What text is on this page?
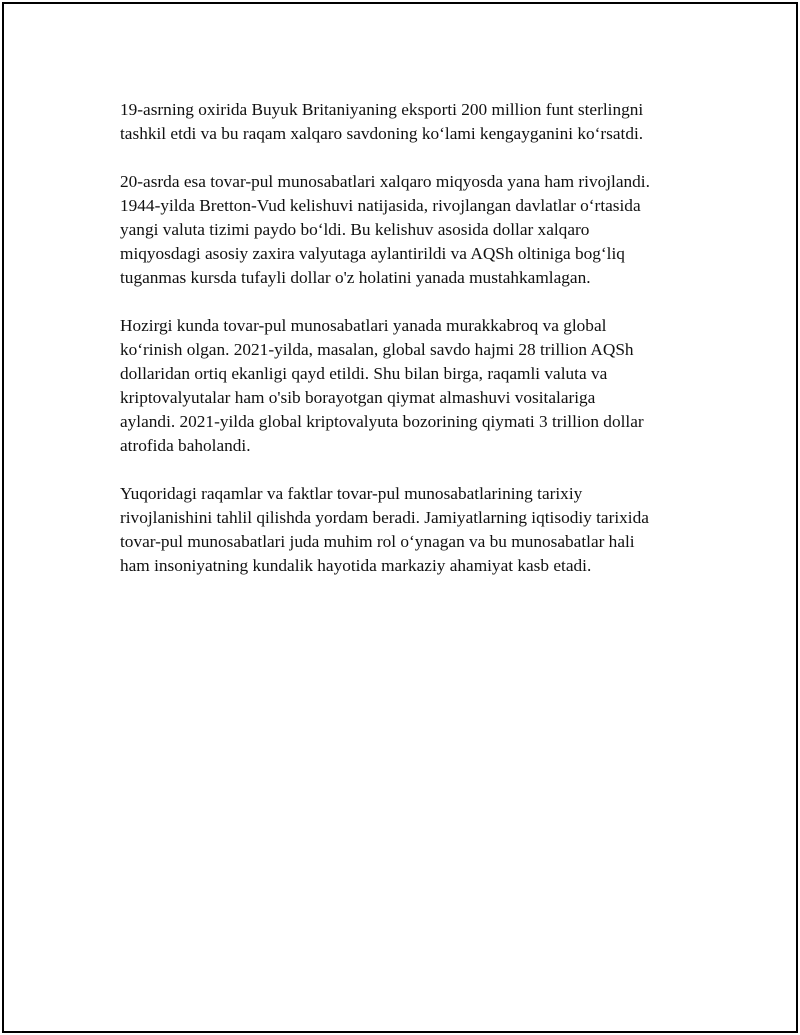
19-asrning oxirida Buyuk Britaniyaning eksporti 200 million funt sterlingni
tashkil etdi va bu raqam xalqaro savdoning ko‘lami kengayganini ko‘rsatdi.

20-asrda esa tovar-pul munosabatlari xalqaro miqyosda yana ham rivojlandi.
1944-yilda Bretton-Vud kelishuvi natijasida, rivojlangan davlatlar o‘rtasida
yangi valuta tizimi paydo bo‘ldi. Bu kelishuv asosida dollar xalqaro
miqyosdagi asosiy zaxira valyutaga aylantirildi va AQSh oltiniga bog‘liq
tuganmas kursda tufayli dollar o'z holatini yanada mustahkamlagan.

Hozirgi kunda tovar-pul munosabatlari yanada murakkabroq va global
ko‘rinish olgan. 2021-yilda, masalan, global savdo hajmi 28 trillion AQSh
dollaridan ortiq ekanligi qayd etildi. Shu bilan birga, raqamli valuta va
kriptovalyutalar ham o'sib borayotgan qiymat almashuvi vositalariga
aylandi. 2021-yilda global kriptovalyuta bozorining qiymati 3 trillion dollar
atrofida baholandi.

Yuqoridagi raqamlar va faktlar tovar-pul munosabatlarining tarixiy
rivojlanishini tahlil qilishda yordam beradi. Jamiyatlarning iqtisodiy tarixida
tovar-pul munosabatlari juda muhim rol o‘ynagan va bu munosabatlar hali
ham insoniyatning kundalik hayotida markaziy ahamiyat kasb etadi.
